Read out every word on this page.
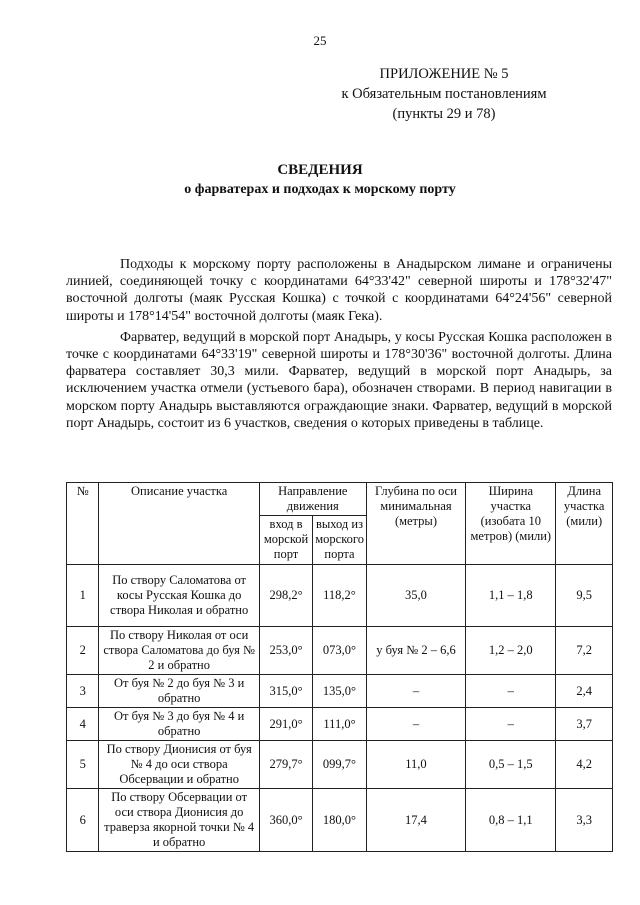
25
ПРИЛОЖЕНИЕ № 5
к Обязательным постановлениям
(пункты 29 и 78)
СВЕДЕНИЯ
о фарватерах и подходах к морскому порту

Подходы к морскому порту расположены в Анадырском лимане и ограничены линией, соединяющей точку с координатами 64°33'42" северной широты и 178°32'47" восточной долготы (маяк Русская Кошка) с точкой с координатами 64°24'56" северной широты и 178°14'54" восточной долготы (маяк Гека).

Фарватер, ведущий в морской порт Анадырь, у косы Русская Кошка расположен в точке с координатами 64°33'19" северной широты и 178°30'36" восточной долготы. Длина фарватера составляет 30,3 мили. Фарватер, ведущий в морской порт Анадырь, за исключением участка отмели (устьевого бара), обозначен створами. В период навигации в морском порту Анадырь выставляются ограждающие знаки. Фарватер, ведущий в морской порт Анадырь, состоит из 6 участков, сведения о которых приведены в таблице.

№	Описание участка	Направление движения		Глубина по оси минимальная (метры)	Ширина участка (изобата 10 метров) (мили)	Длина участка (мили)
		вход в морской порт	выход из морского порта			
1	По створу Саломатова от косы Русская Кошка до створа Николая и обратно	298,2°	118,2°	35,0	1,1 – 1,8	9,5
2	По створу Николая от оси створа Саломатова до буя № 2 и обратно	253,0°	073,0°	у буя № 2 – 6,6	1,2 – 2,0	7,2
3	От буя № 2 до буя № 3 и обратно	315,0°	135,0°	–	–	2,4
4	От буя № 3 до буя № 4 и обратно	291,0°	111,0°	–	–	3,7
5	По створу Дионисия от буя № 4 до оси створа Обсервации и обратно	279,7°	099,7°	11,0	0,5 – 1,5	4,2
6	По створу Обсервации от оси створа Дионисия до траверза якорной точки № 4 и обратно	360,0°	180,0°	17,4	0,8 – 1,1	3,3
